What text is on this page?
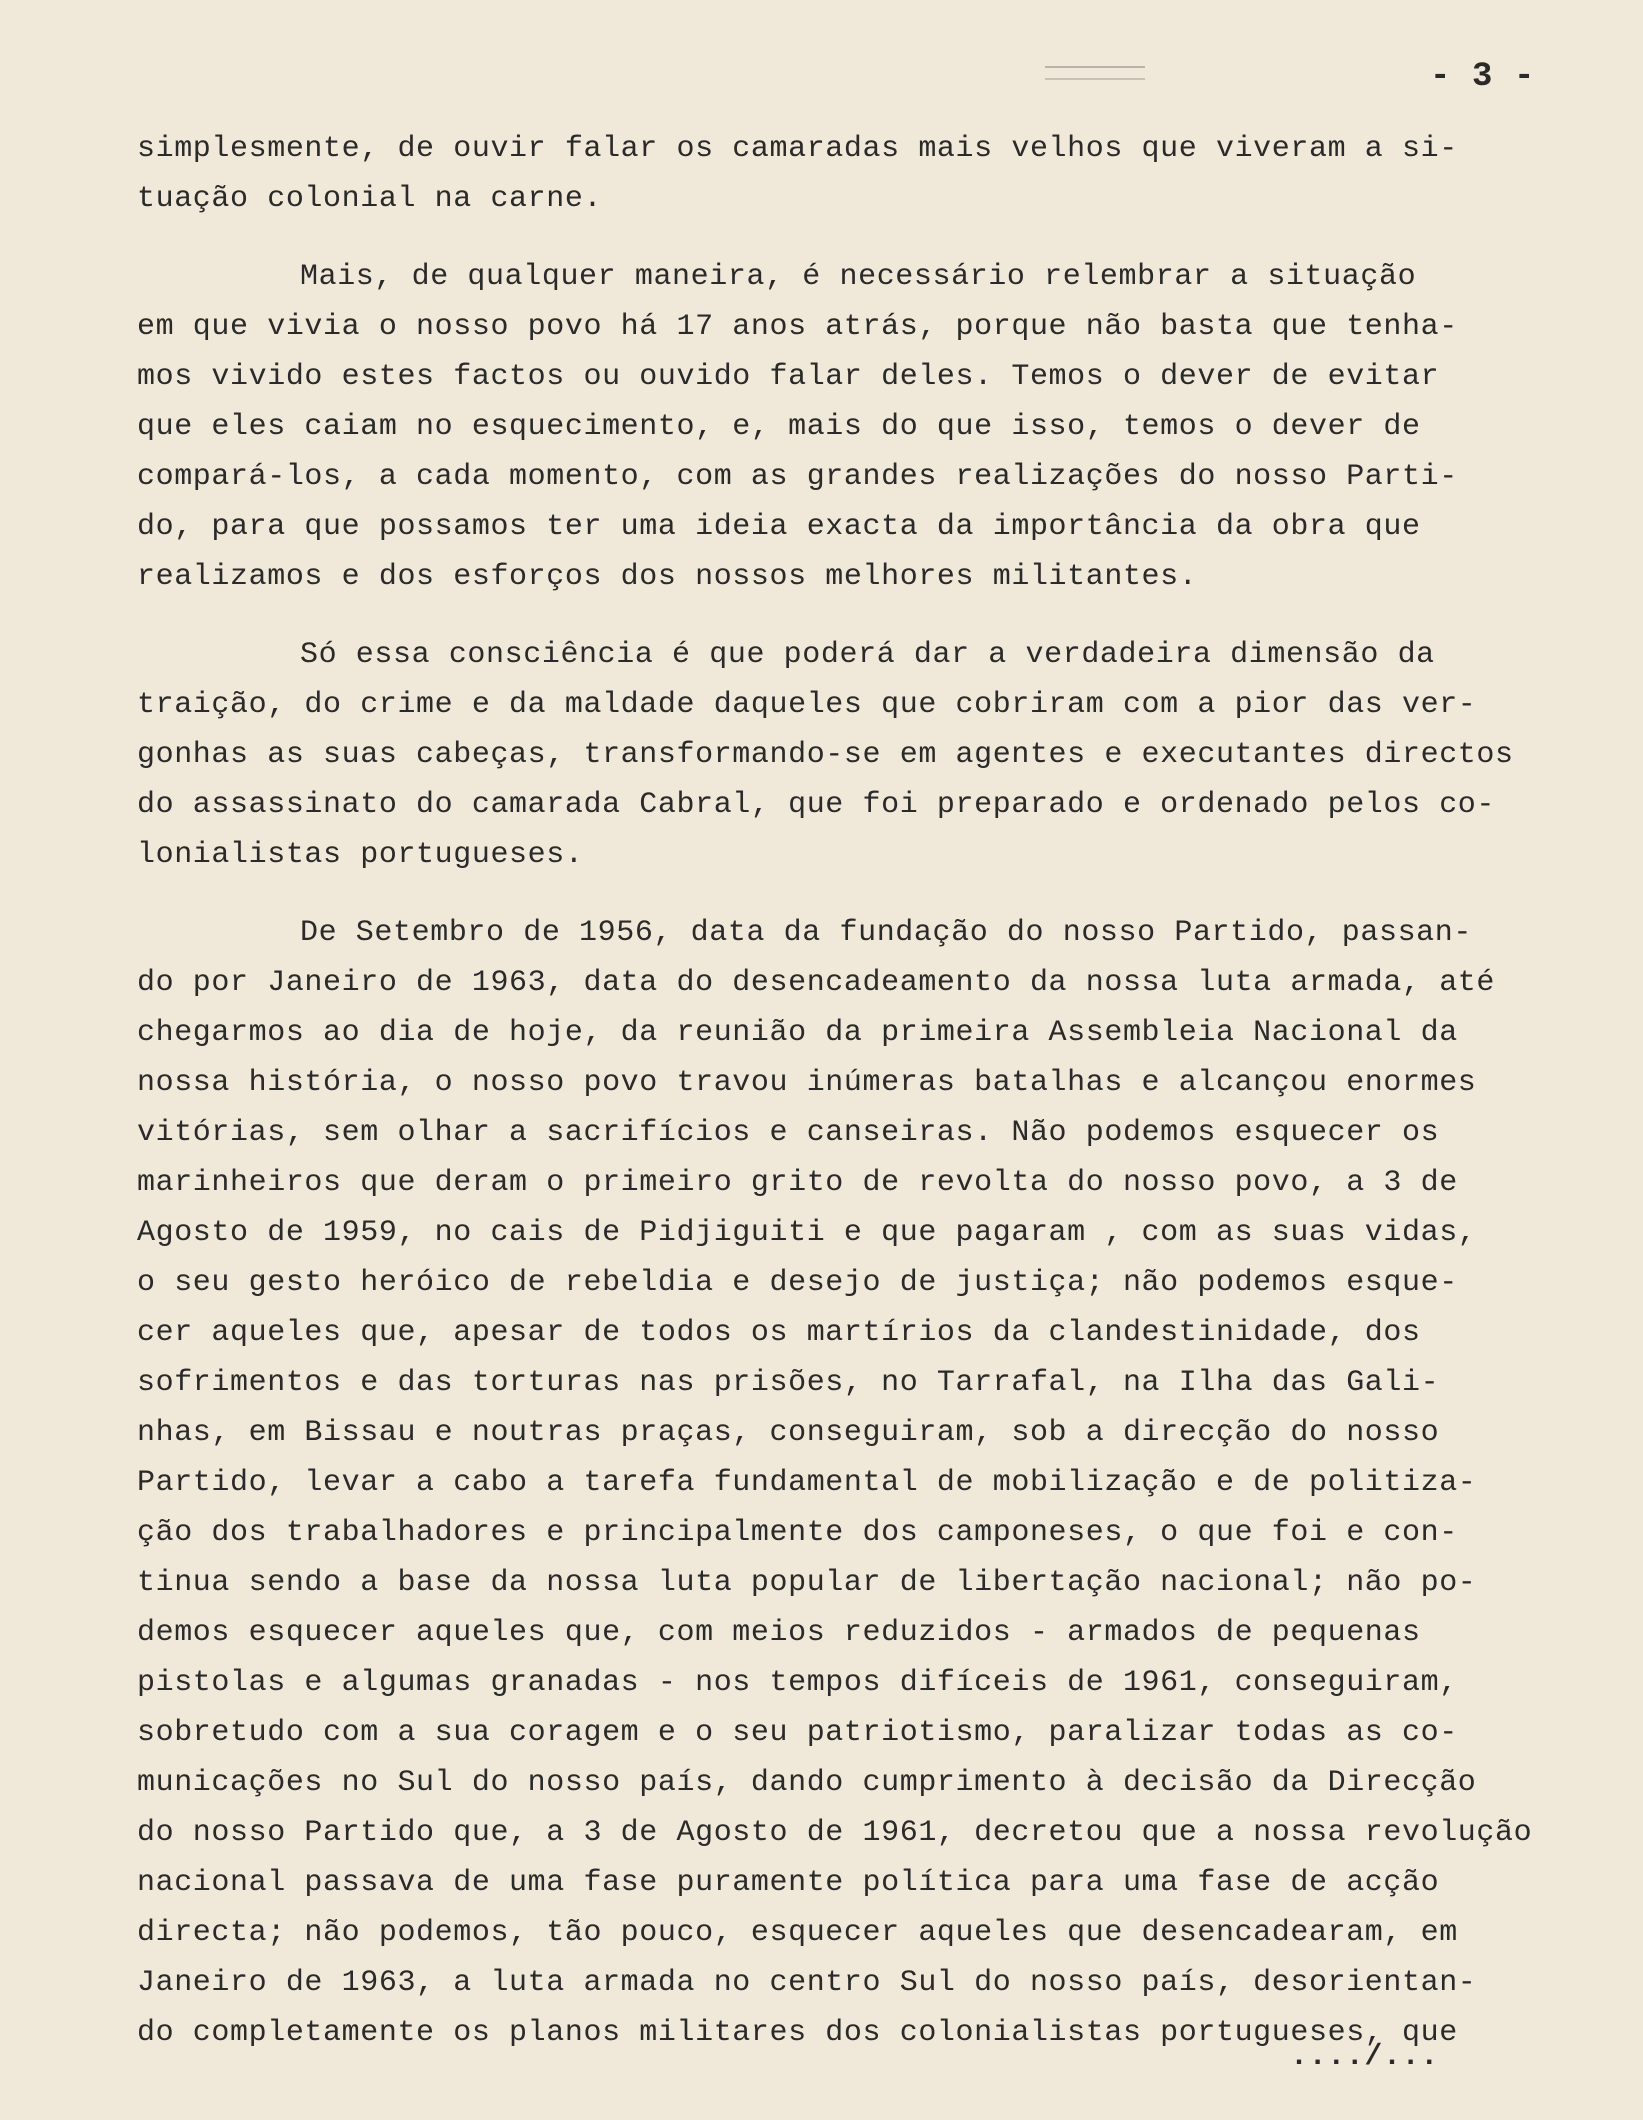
- 3 -
simplesmente, de ouvir falar os camaradas mais velhos que viveram a si-
tuação colonial na carne.
Mais, de qualquer maneira, é necessário relembrar a situação
em que vivia o nosso povo há 17 anos atrás, porque não basta que tenha-
mos vivido estes factos ou ouvido falar deles. Temos o dever de evitar
que eles caiam no esquecimento, e, mais do que isso, temos o dever de
compará-los, a cada momento, com as grandes realizações do nosso Parti-
do, para que possamos ter uma ideia exacta da importância da obra que
realizamos e dos esforços dos nossos melhores militantes.
Só essa consciência é que poderá dar a verdadeira dimensão da
traição, do crime e da maldade daqueles que cobriram com a pior das ver-
gonhas as suas cabeças, transformando-se em agentes e executantes directos
do assassinato do camarada Cabral, que foi preparado e ordenado pelos co-
lonialistas portugueses.
De Setembro de 1956, data da fundação do nosso Partido, passan-
do por Janeiro de 1963, data do desencadeamento da nossa luta armada, até
chegarmos ao dia de hoje, da reunião da primeira Assembleia Nacional da
nossa história, o nosso povo travou inúmeras batalhas e alcançou enormes
vitórias, sem olhar a sacrifícios e canseiras. Não podemos esquecer os
marinheiros que deram o primeiro grito de revolta do nosso povo, a 3 de
Agosto de 1959, no cais de Pidjiguiti e que pagaram , com as suas vidas,
o seu gesto heróico de rebeldia e desejo de justiça; não podemos esque-
cer aqueles que, apesar de todos os martírios da clandestinidade, dos
sofrimentos e das torturas nas prisões, no Tarrafal, na Ilha das Gali-
nhas, em Bissau e noutras praças, conseguiram, sob a direcção do nosso
Partido, levar a cabo a tarefa fundamental de mobilização e de politiza-
ção dos trabalhadores e principalmente dos camponeses, o que foi e con-
tinua sendo a base da nossa luta popular de libertação nacional; não po-
demos esquecer aqueles que, com meios reduzidos - armados de pequenas
pistolas e algumas granadas - nos tempos difíceis de 1961, conseguiram,
sobretudo com a sua coragem e o seu patriotismo, paralizar todas as co-
municações no Sul do nosso país, dando cumprimento à decisão da Direcção
do nosso Partido que, a 3 de Agosto de 1961, decretou que a nossa revolução
nacional passava de uma fase puramente política para uma fase de acção
directa; não podemos, tão pouco, esquecer aqueles que desencadearam, em
Janeiro de 1963, a luta armada no centro Sul do nosso país, desorientan-
do completamente os planos militares dos colonialistas portugueses, que
..../...
